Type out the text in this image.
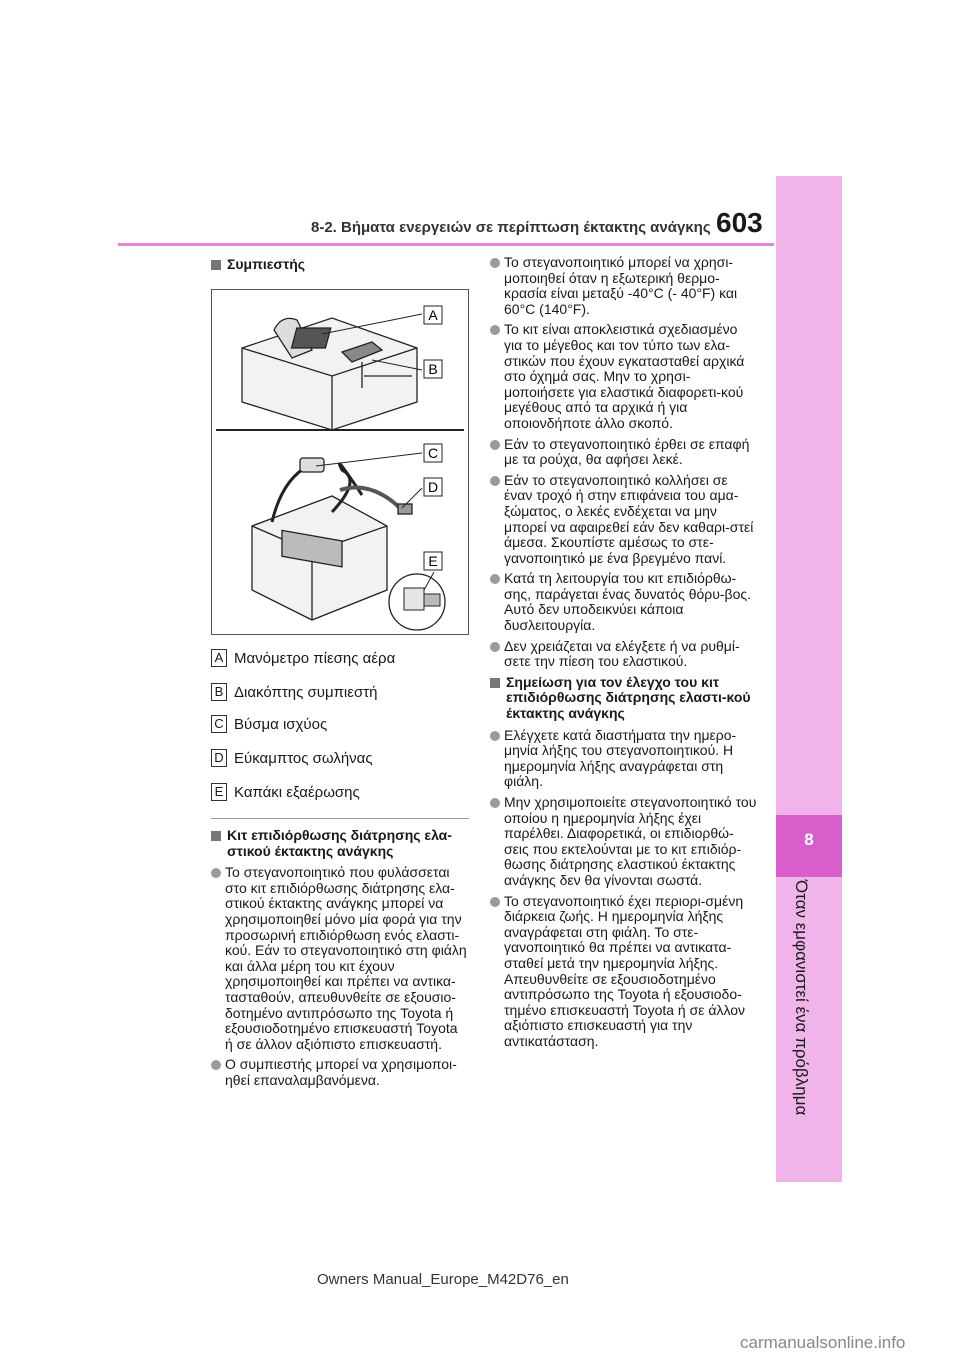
8
Όταν εμφανιστεί ένα πρόβλημα
8-2. Βήματα ενεργειών σε περίπτωση έκτακτης ανάγκης 603
Συμπιεστής
A
B
C
D
E
A Μανόμετρο πίεσης αέρα
B Διακόπτης συμπιεστή
C Βύσμα ισχύος
D Εύκαμπτος σωλήνας
E Καπάκι εξαέρωσης
Κιτ επιδιόρθωσης διάτρησης ελα-στικού έκτακτης ανάγκης
Το στεγανοποιητικό που φυλάσσεται στο κιτ επιδιόρθωσης διάτρησης ελα-στικού έκτακτης ανάγκης μπορεί να χρησιμοποιηθεί μόνο μία φορά για την προσωρινή επιδιόρθωση ενός ελαστι-κού. Εάν το στεγανοποιητικό στη φιάλη και άλλα μέρη του κιτ έχουν χρησιμοποιηθεί και πρέπει να αντικα-τασταθούν, απευθυνθείτε σε εξουσιο-δοτημένο αντιπρόσωπο της Toyota ή εξουσιοδοτημένο επισκευαστή Toyota ή σε άλλον αξιόπιστο επισκευαστή.
Ο συμπιεστής μπορεί να χρησιμοποι-ηθεί επαναλαμβανόμενα.
Το στεγανοποιητικό μπορεί να χρησι-μοποιηθεί όταν η εξωτερική θερμο-κρασία είναι μεταξύ -40°C (- 40°F) και 60°C (140°F).
Το κιτ είναι αποκλειστικά σχεδιασμένο για το μέγεθος και τον τύπο των ελα-στικών που έχουν εγκατασταθεί αρχικά στο όχημά σας. Μην το χρησι-μοποιήσετε για ελαστικά διαφορετι-κού μεγέθους από τα αρχικά ή για οποιονδήποτε άλλο σκοπό.
Εάν το στεγανοποιητικό έρθει σε επαφή με τα ρούχα, θα αφήσει λεκέ.
Εάν το στεγανοποιητικό κολλήσει σε έναν τροχό ή στην επιφάνεια του αμα-ξώματος, ο λεκές ενδέχεται να μην μπορεί να αφαιρεθεί εάν δεν καθαρι-στεί άμεσα. Σκουπίστε αμέσως το στε-γανοποιητικό με ένα βρεγμένο πανί.
Κατά τη λειτουργία του κιτ επιδιόρθω-σης, παράγεται ένας δυνατός θόρυ-βος. Αυτό δεν υποδεικνύει κάποια δυσλειτουργία.
Δεν χρειάζεται να ελέγξετε ή να ρυθμί-σετε την πίεση του ελαστικού.
Σημείωση για τον έλεγχο του κιτ επιδιόρθωσης διάτρησης ελαστι-κού έκτακτης ανάγκης
Ελέγχετε κατά διαστήματα την ημερο-μηνία λήξης του στεγανοποιητικού. Η ημερομηνία λήξης αναγράφεται στη φιάλη.
Μην χρησιμοποιείτε στεγανοποιητικό του οποίου η ημερομηνία λήξης έχει παρέλθει. Διαφορετικά, οι επιδιορθώ-σεις που εκτελούνται με το κιτ επιδιόρ-θωσης διάτρησης ελαστικού έκτακτης ανάγκης δεν θα γίνονται σωστά.
Το στεγανοποιητικό έχει περιορι-σμένη διάρκεια ζωής. Η ημερομηνία λήξης αναγράφεται στη φιάλη. Το στε-γανοποιητικό θα πρέπει να αντικατα-σταθεί μετά την ημερομηνία λήξης. Απευθυνθείτε σε εξουσιοδοτημένο αντιπρόσωπο της Toyota ή εξουσιοδο-τημένο επισκευαστή Toyota ή σε άλλον αξιόπιστο επισκευαστή για την αντικατάσταση.
Owners Manual_Europe_M42D76_en
carmanualsonline.info
